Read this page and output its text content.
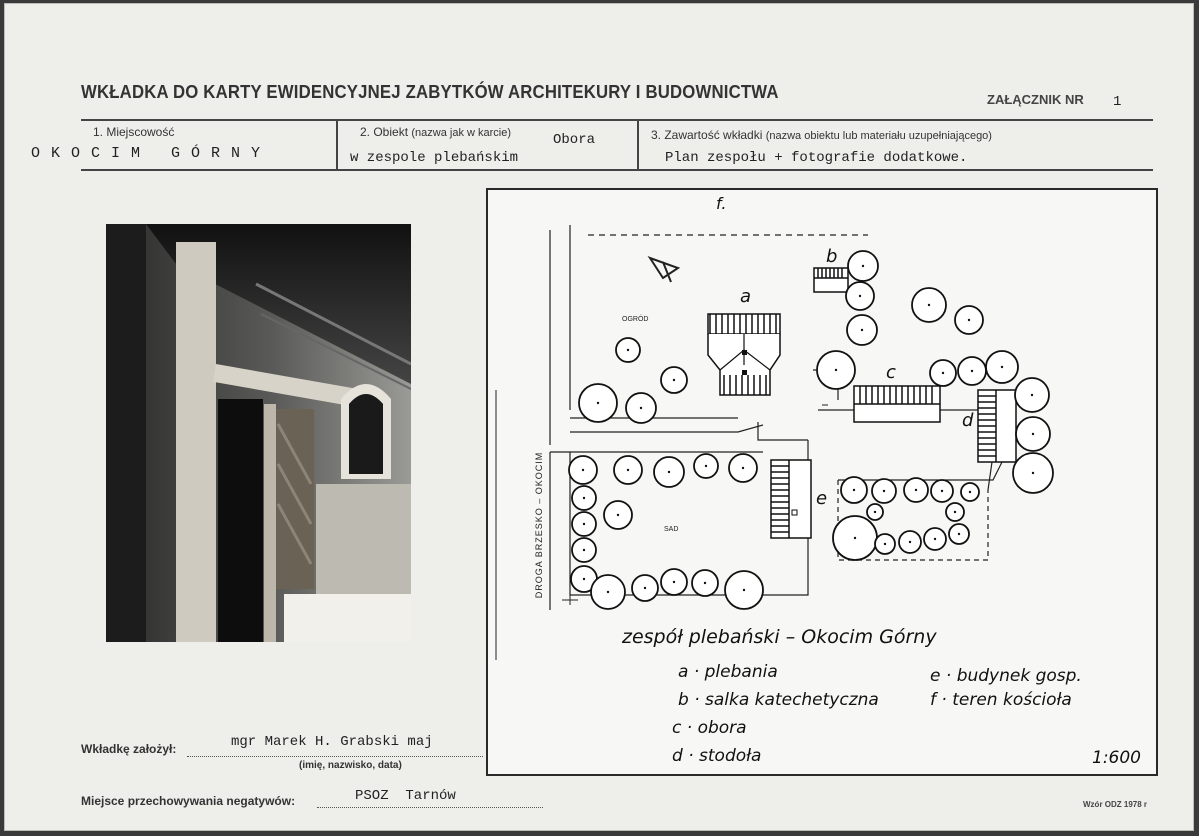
WKŁADKA DO KARTY EWIDENCYJNEJ ZABYTKÓW ARCHITEKURY I BUDOWNICTWA	ZAŁĄCZNIK NR 1
1. Miejscowość
O K O C I M   G Ó R N Y
2. Obiekt (nazwa jak w karcie)	Obora
w zespole plebańskim
3. Zawartość wkładki (nazwa obiektu lub materiału uzupełniającego)
Plan zespołu + fotografie dodatkowe.
f.
a
b
c
d
e
OGRÓD
SAD
DROGA BRZESKO – OKOCIM
zespół plebański – Okocim Górny
a · plebania
b · salka katechetyczna
c · obora
d · stodoła
e · budynek gosp.
f · teren kościoła
1:600
Wkładkę założył:	mgr Marek H. Grabski maj
(imię, nazwisko, data)
Miejsce przechowywania negatywów:	PSOZ  Tarnów
Wzór ODZ 1978 r
